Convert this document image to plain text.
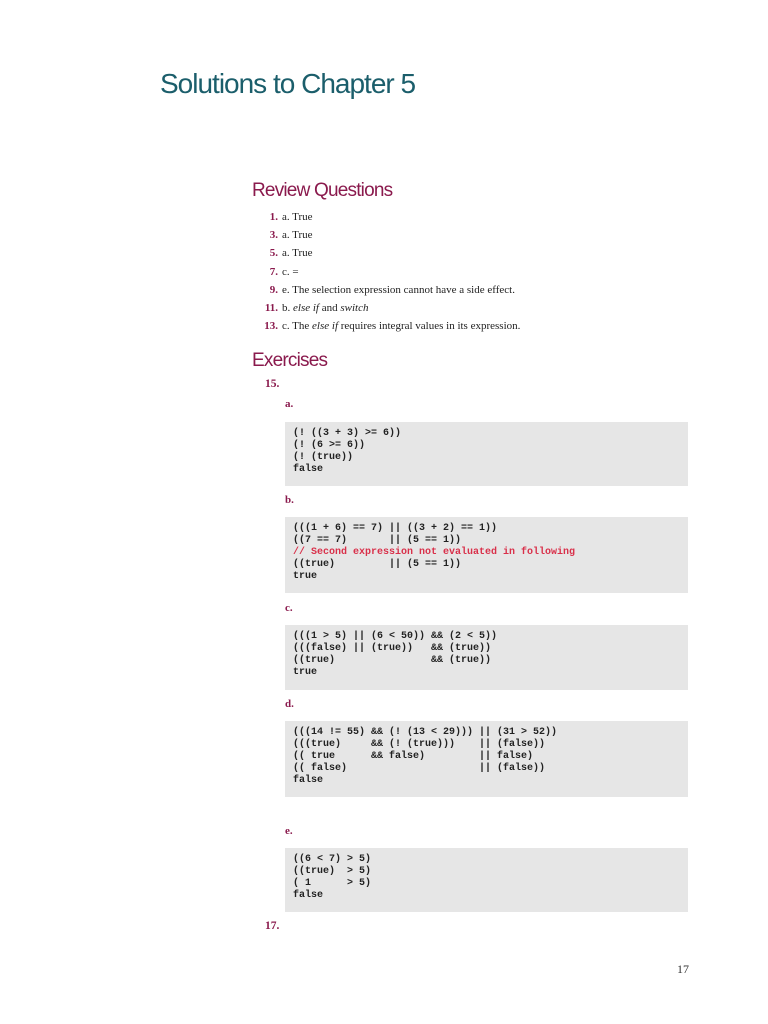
Solutions to Chapter 5
Review Questions
1. a. True
3. a. True
5. a. True
7. c. =
9. e. The selection expression cannot have a side effect.
11. b. else if and switch
13. c. The else if requires integral values in its expression.
Exercises
15.
a.
(! ((3 + 3) >= 6))
(! (6 >= 6))
(! (true))
false
b.
(((1 + 6) == 7) || ((3 + 2) == 1))
((7 == 7)       || (5 == 1))
// Second expression not evaluated in following
((true)         || (5 == 1))
true
c.
(((1 > 5) || (6 < 50)) && (2 < 5))
(((false) || (true))   && (true))
((true)                && (true))
true
d.
(((14 != 55) && (! (13 < 29))) || (31 > 52))
(((true)     && (! (true)))    || (false))
(( true      && false)         || false)
(( false)                      || (false))
false
e.
((6 < 7) > 5)
((true)  > 5)
( 1      > 5)
false
17.
17
